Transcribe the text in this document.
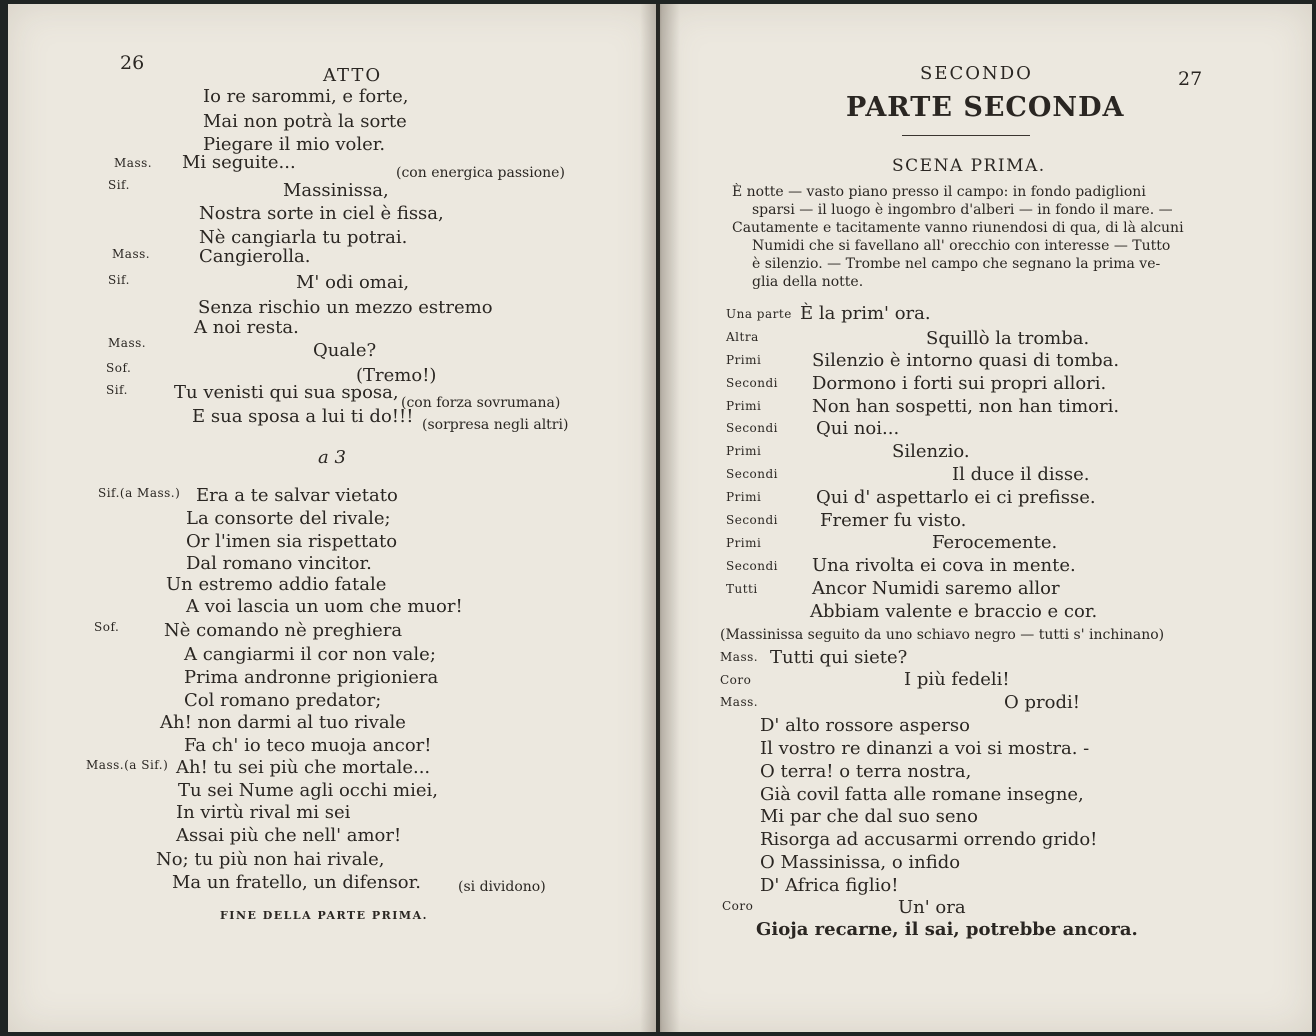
26
ATTO
Io re sarommi, e forte,
Mai non potrà la sorte
Piegare il mio voler.
Mass. Mi seguite...	(con energica passione)
Sif.	Massinissa,
Nostra sorte in ciel è fissa,
Nè cangiarla tu potrai.
Mass.	Cangierolla.
Sif.	M' odi omai,
Senza rischio un mezzo estremo
A noi resta.
Mass.	Quale?
Sof.	(Tremo!)
Sif.	Tu venisti qui sua sposa, (con forza sovrumana)
E sua sposa a lui ti do!!! (sorpresa negli altri)
a 3
Sif.(a Mass.) Era a te salvar vietato
La consorte del rivale;
Or l'imen sia rispettato
Dal romano vincitor.
Un estremo addio fatale
A voi lascia un uom che muor!
Sof. Nè comando nè preghiera
A cangiarmi il cor non vale;
Prima andronne prigioniera
Col romano predator;
Ah! non darmi al tuo rivale
Fa ch' io teco muoja ancor!
Mass.(a Sif.) Ah! tu sei più che mortale...
Tu sei Nume agli occhi miei,
In virtù rival mi sei
Assai più che nell' amor!
No; tu più non hai rivale,
Ma un fratello, un difensor.	(si dividono)
FINE DELLA PARTE PRIMA.
SECONDO	27
PARTE SECONDA
SCENA PRIMA.
È notte — vasto piano presso il campo: in fondo padiglioni
sparsi — il luogo è ingombro d'alberi — in fondo il mare. —
Cautamente e tacitamente vanno riunendosi di qua, di là alcuni
Numidi che si favellano all' orecchio con interesse — Tutto
è silenzio. — Trombe nel campo che segnano la prima ve-
glia della notte.
Una parte È la prim' ora.
Altra	Squillò la tromba.
Primi	Silenzio è intorno quasi di tomba.
Secondi Dormono i forti sui propri allori.
Primi	Non han sospetti, non han timori.
Secondi Qui noi...
Primi	Silenzio.
Secondi	Il duce il disse.
Primi	Qui d' aspettarlo ei ci prefisse.
Secondi Fremer fu visto.
Primi	Ferocemente.
Secondi Una rivolta ei cova in mente.
Tutti	Ancor Numidi saremo allor
Abbiam valente e braccio e cor.
(Massinissa seguito da uno schiavo negro — tutti s' inchinano)
Mass. Tutti qui siete?
Coro	I più fedeli!
Mass.	O prodi!
D' alto rossore asperso
Il vostro re dinanzi a voi si mostra. -
O terra! o terra nostra,
Già covil fatta alle romane insegne,
Mi par che dal suo seno
Risorga ad accusarmi orrendo grido!
O Massinissa, o infido
D' Africa figlio!
Coro	Un' ora
Gioja recarne, il sai, potrebbe ancora.
